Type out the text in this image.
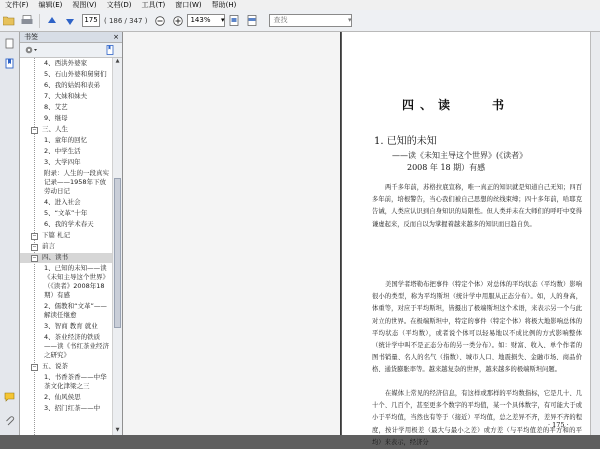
文件(F)	编辑(E)	视图(V)	文档(D)	工具(T)	窗口(W)	帮助(H)
175 ( 186 / 347 )	143% ▾	查找	▾
书签	×
4、西洪外婆家
5、石山外婆和舅舅们
6、我的姑妈和表弟
7、大妹和妹夫
8、艾艺
9、继母
− 三、人生
1、童年的回忆
2、中学生活
3、大学四年
附录：人生的一段真实记录——1958年下放劳动日记
4、进入社会
5、“文革”十年
6、我的学术春天
− 下篇 札记
− 前言
− 四、读书
1、已知的未知——读《未知主导这个世界》（《读者》2008年18期）有感
2、儒教和“文革”——解读任继愈
3、智商 教育 就业
4、茶业经济的铁质——读《书红茶业经济之研究》
− 五、说茶
1、书香茶香——中华茶文化津梁之三
2、仙风侯思
3、招门红茶——中
▲
▼
四、读　　书
1. 已知的未知
——读《未知主导这个世界》(《读者》
2008 年 18 期）有感
两千多年前，苏格拉底宣称，唯一真正的知识就是知道自己无知；四百多年前，培根警告，当心我们被自己思想的丝线束缚；四十多年前，哈耶克告诫，人类应认识到自身知识的局限性。但人类并未在大师们的呼吁中变得谦虚起来，反而自以为掌握着越来越多的知识而日趋自负。
美国学者塔勒布把事件（特定个体）对总体的平均状态（平均数）影响很小的类型，称为平均斯坦（统计学中用服从正态分布）。如，人的身高，体重等，对应于平均斯坦，皆摄出了极端斯坦这个术语，来表示另一个与此对立的世界。在极端斯坦中，特定的事件（特定个体）将极大地影响总体的平均状态（平均数），或者说个体可以轻易地以不成比例的方式影响整体（统计学中叫不是正态分布的另一类分布）。如：财富、收入、单个作者的图书销量、名人的名气（指数）、城市人口、地震损失、金融市场、商品价格、通货膨胀率等。越来越复杂的世界，越来越多的极端斯坦问题。
在媒体上常见的经济信息，有这样或那样的平均数指标，它是几十、几十个、几百个，甚至更多个数字的平均值，某一个具体数字，有可能大于或小于平均值，当然也有等于（接近）平均值，总之差异不齐，差异不齐的程度，按计学用极差（最大与最小之差）或方差（与平均值差的平方和的平均）来表示，经济分
· 175 ·
